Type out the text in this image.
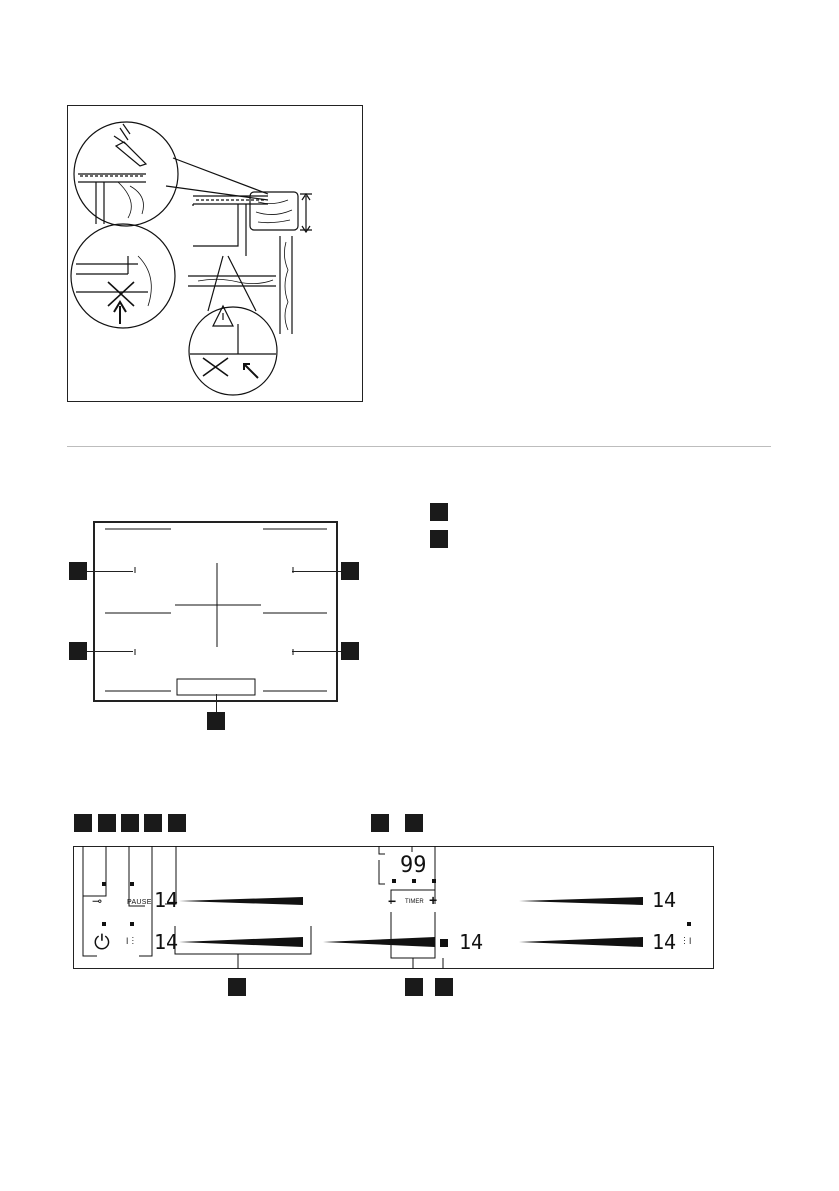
⊸
⏻
PAUSE
ǀ︙	︙ǀ
14
14	14
14
14
99
− TIMER +
